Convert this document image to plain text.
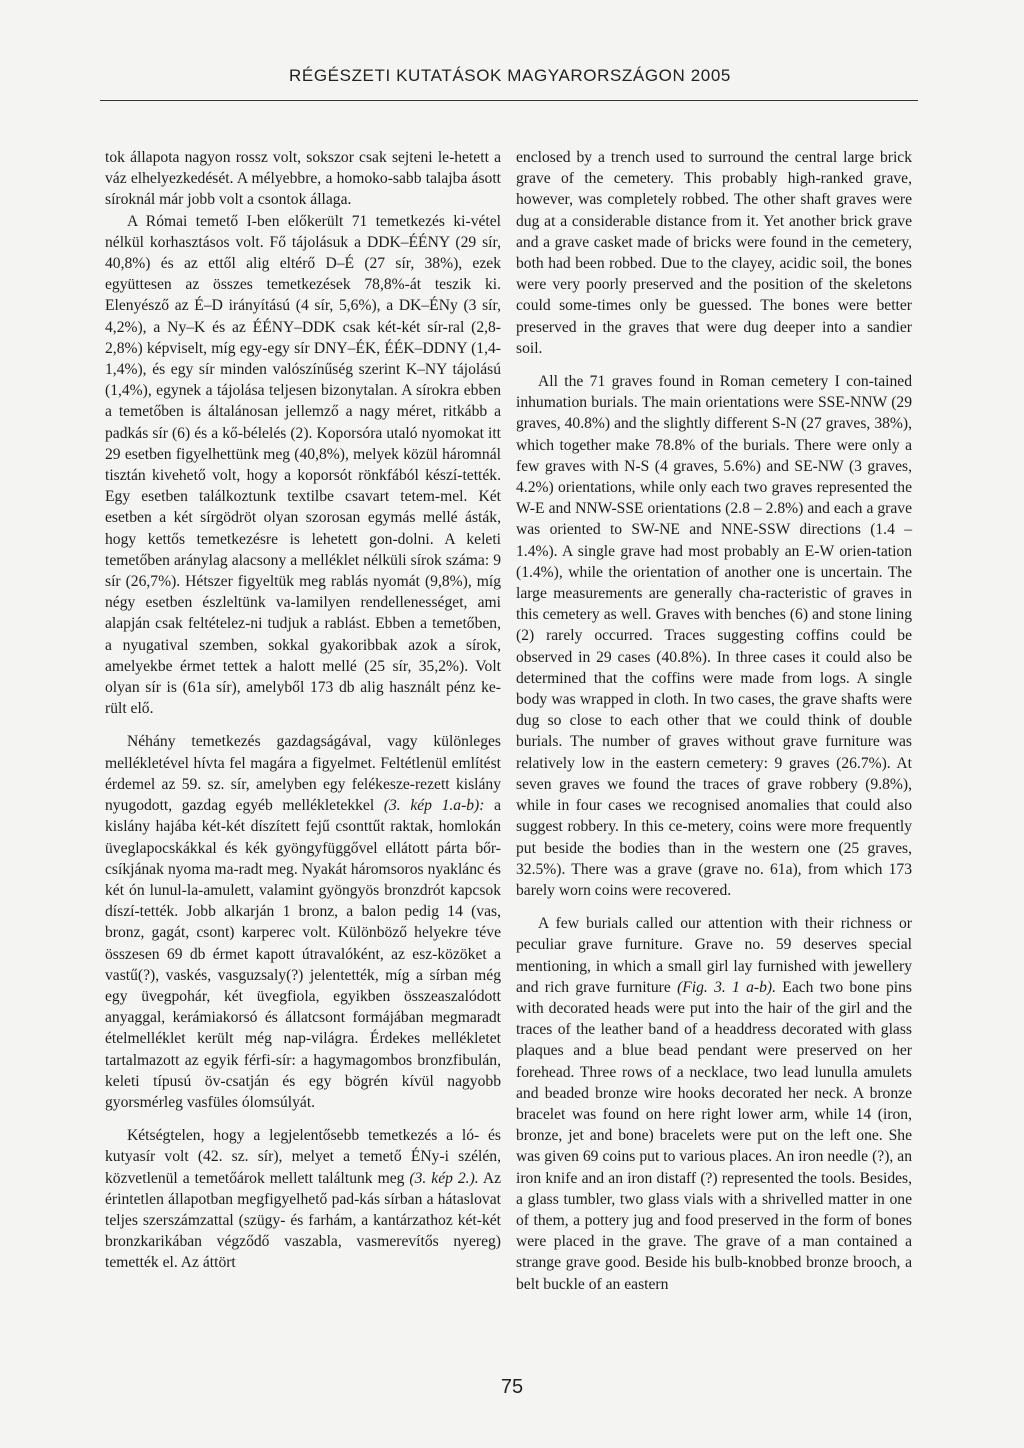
RÉGÉSZETI KUTATÁSOK MAGYARORSZÁGON 2005

tok állapota nagyon rossz volt, sokszor csak sejteni le-hetett a váz elhelyezkedését. A mélyebbre, a homoko-sabb talajba ásott síroknál már jobb volt a csontok állaga.

A Római temető I-ben előkerült 71 temetkezés ki-vétel nélkül korhasztásos volt. Fő tájolásuk a DDK–ÉÉNY (29 sír, 40,8%) és az ettől alig eltérő D–É (27 sír, 38%), ezek együttesen az összes temetkezések 78,8%-át teszik ki. Elenyésző az É–D irányítású (4 sír, 5,6%), a DK–ÉNy (3 sír, 4,2%), a Ny–K és az ÉÉNY–DDK csak két-két sír-ral (2,8-2,8%) képviselt, míg egy-egy sír DNY–ÉK, ÉÉK–DDNY (1,4-1,4%), és egy sír minden valószínűség szerint K–NY tájolású (1,4%), egynek a tájolása teljesen bizonytalan. A sírokra ebben a temetőben is általánosan jellemző a nagy méret, ritkább a padkás sír (6) és a kő-bélelés (2). Koporsóra utaló nyomokat itt 29 esetben figyelhettünk meg (40,8%), melyek közül háromnál tisztán kivehető volt, hogy a koporsót rönkfából készí-tették. Egy esetben találkoztunk textilbe csavart tetem-mel. Két esetben a két sírgödröt olyan szorosan egymás mellé ásták, hogy kettős temetkezésre is lehetett gon-dolni. A keleti temetőben aránylag alacsony a melléklet nélküli sírok száma: 9 sír (26,7%). Hétszer figyeltük meg rablás nyomát (9,8%), míg négy esetben észleltünk va-lamilyen rendellenességet, ami alapján csak feltételez-ni tudjuk a rablást. Ebben a temetőben, a nyugatival szemben, sokkal gyakoribbak azok a sírok, amelyekbe érmet tettek a halott mellé (25 sír, 35,2%). Volt olyan sír is (61a sír), amelyből 173 db alig használt pénz ke-rült elő.

Néhány temetkezés gazdagságával, vagy különleges mellékletével hívta fel magára a figyelmet. Feltétlenül említést érdemel az 59. sz. sír, amelyben egy felékesze-rezett kislány nyugodott, gazdag egyéb mellékletekkel (3. kép 1.a-b): a kislány hajába két-két díszített fejű csonttűt raktak, homlokán üveglapocskákkal és kék gyöngyfüggővel ellátott párta bőr-csíkjának nyoma ma-radt meg. Nyakát háromsoros nyaklánc és két ón lunul-la-amulett, valamint gyöngyös bronzdrót kapcsok díszí-tették. Jobb alkarján 1 bronz, a balon pedig 14 (vas, bronz, gagát, csont) karperec volt. Különböző helyekre téve összesen 69 db érmet kapott útravalóként, az esz-közöket a vastű(?), vaskés, vasguzsaly(?) jelentették, míg a sírban még egy üvegpohár, két üvegfiola, egyikben összeaszalódott anyaggal, kerámiakorsó és állatcsont formájában megmaradt ételmelléklet került még nap-világra. Érdekes mellékletet tartalmazott az egyik férfi-sír: a hagymagombos bronzfibulán, keleti típusú öv-csatján és egy bögrén kívül nagyobb gyorsmérleg vasfüles ólomsúlyát.

Kétségtelen, hogy a legjelentősebb temetkezés a ló- és kutyasír volt (42. sz. sír), melyet a temető ÉNy-i szélén, közvetlenül a temetőárok mellett találtunk meg (3. kép 2.). Az érintetlen állapotban megfigyelhető pad-kás sírban a hátaslovat teljes szerszámzattal (szügy- és farhám, a kantárzathoz két-két bronzkarikában végződő vaszabla, vasmerevítős nyereg) temették el. Az áttört

enclosed by a trench used to surround the central large brick grave of the cemetery. This probably high-ranked grave, however, was completely robbed. The other shaft graves were dug at a considerable distance from it. Yet another brick grave and a grave casket made of bricks were found in the cemetery, both had been robbed. Due to the clayey, acidic soil, the bones were very poorly preserved and the position of the skeletons could some-times only be guessed. The bones were better preserved in the graves that were dug deeper into a sandier soil.

All the 71 graves found in Roman cemetery I con-tained inhumation burials. The main orientations were SSE-NNW (29 graves, 40.8%) and the slightly different S-N (27 graves, 38%), which together make 78.8% of the burials. There were only a few graves with N-S (4 graves, 5.6%) and SE-NW (3 graves, 4.2%) orientations, while only each two graves represented the W-E and NNW-SSE orientations (2.8 – 2.8%) and each a grave was oriented to SW-NE and NNE-SSW directions (1.4 – 1.4%). A single grave had most probably an E-W orien-tation (1.4%), while the orientation of another one is uncertain. The large measurements are generally cha-racteristic of graves in this cemetery as well. Graves with benches (6) and stone lining (2) rarely occurred. Traces suggesting coffins could be observed in 29 cases (40.8%). In three cases it could also be determined that the coffins were made from logs. A single body was wrapped in cloth. In two cases, the grave shafts were dug so close to each other that we could think of double burials. The number of graves without grave furniture was relatively low in the eastern cemetery: 9 graves (26.7%). At seven graves we found the traces of grave robbery (9.8%), while in four cases we recognised anomalies that could also suggest robbery. In this ce-metery, coins were more frequently put beside the bodies than in the western one (25 graves, 32.5%). There was a grave (grave no. 61a), from which 173 barely worn coins were recovered.

A few burials called our attention with their richness or peculiar grave furniture. Grave no. 59 deserves special mentioning, in which a small girl lay furnished with jewellery and rich grave furniture (Fig. 3. 1 a-b). Each two bone pins with decorated heads were put into the hair of the girl and the traces of the leather band of a headdress decorated with glass plaques and a blue bead pendant were preserved on her forehead. Three rows of a necklace, two lead lunulla amulets and beaded bronze wire hooks decorated her neck. A bronze bracelet was found on here right lower arm, while 14 (iron, bronze, jet and bone) bracelets were put on the left one. She was given 69 coins put to various places. An iron needle (?), an iron knife and an iron distaff (?) represented the tools. Besides, a glass tumbler, two glass vials with a shrivelled matter in one of them, a pottery jug and food preserved in the form of bones were placed in the grave. The grave of a man contained a strange grave good. Beside his bulb-knobbed bronze brooch, a belt buckle of an eastern

75
